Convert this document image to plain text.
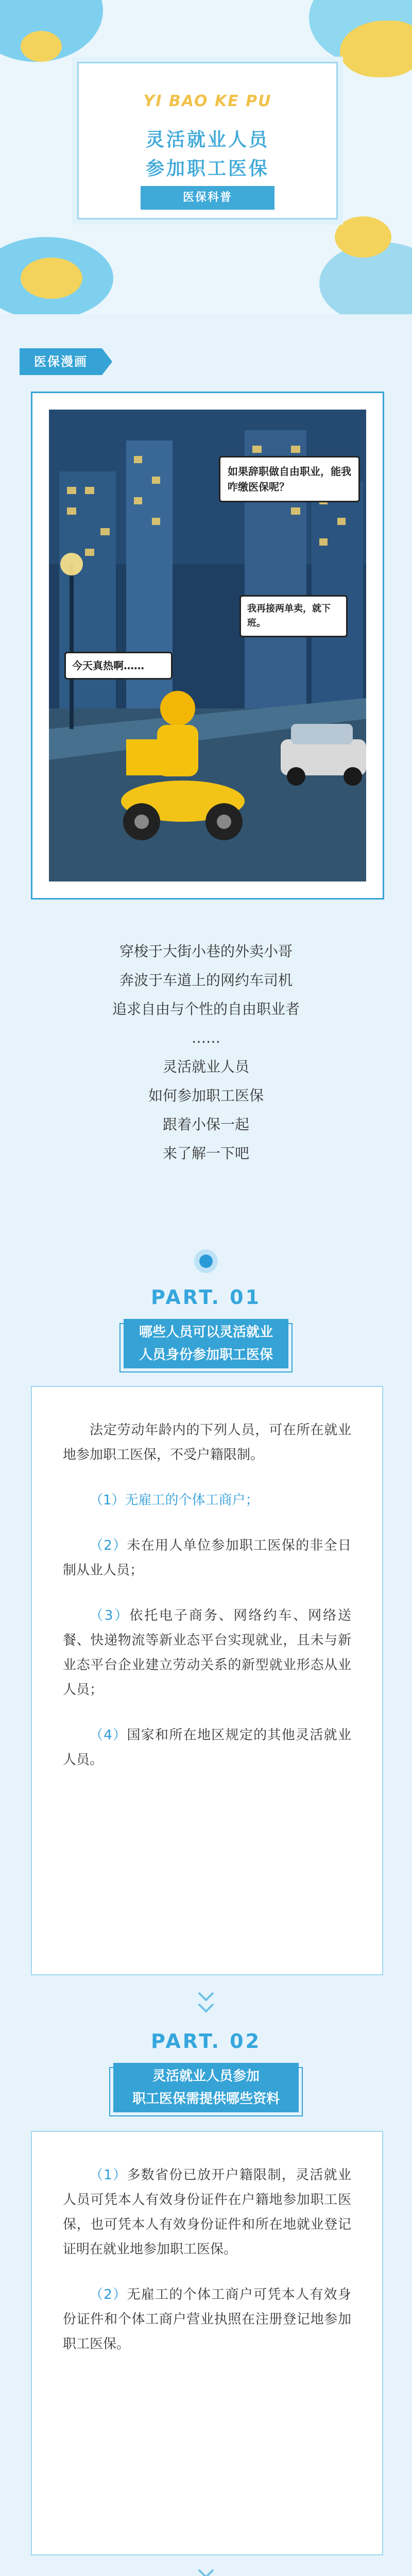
YI BAO KE PU
灵活就业人员
参加职工医保
医保科普
医保漫画
如果辞职做自由职业，能我咋缴医保呢？
我再接两单卖，就下班。
今天真热啊……
穿梭于大街小巷的外卖小哥
奔波于车道上的网约车司机
追求自由与个性的自由职业者
……
灵活就业人员
如何参加职工医保
跟着小保一起
来了解一下吧
PART. 01
哪些人员可以灵活就业
人员身份参加职工医保

法定劳动年龄内的下列人员，可在所在就业地参加职工医保，不受户籍限制。

（1）无雇工的个体工商户；

（2）未在用人单位参加职工医保的非全日制从业人员；

（3）依托电子商务、网络约车、网络送餐、快递物流等新业态平台实现就业，且未与新业态平台企业建立劳动关系的新型就业形态从业人员；

（4）国家和所在地区规定的其他灵活就业人员。

PART. 02
灵活就业人员参加
职工医保需提供哪些资料

（1）多数省份已放开户籍限制，灵活就业人员可凭本人有效身份证件在户籍地参加职工医保，也可凭本人有效身份证件和所在地就业登记证明在就业地参加职工医保。

（2）无雇工的个体工商户可凭本人有效身份证件和个体工商户营业执照在注册登记地参加职工医保。
